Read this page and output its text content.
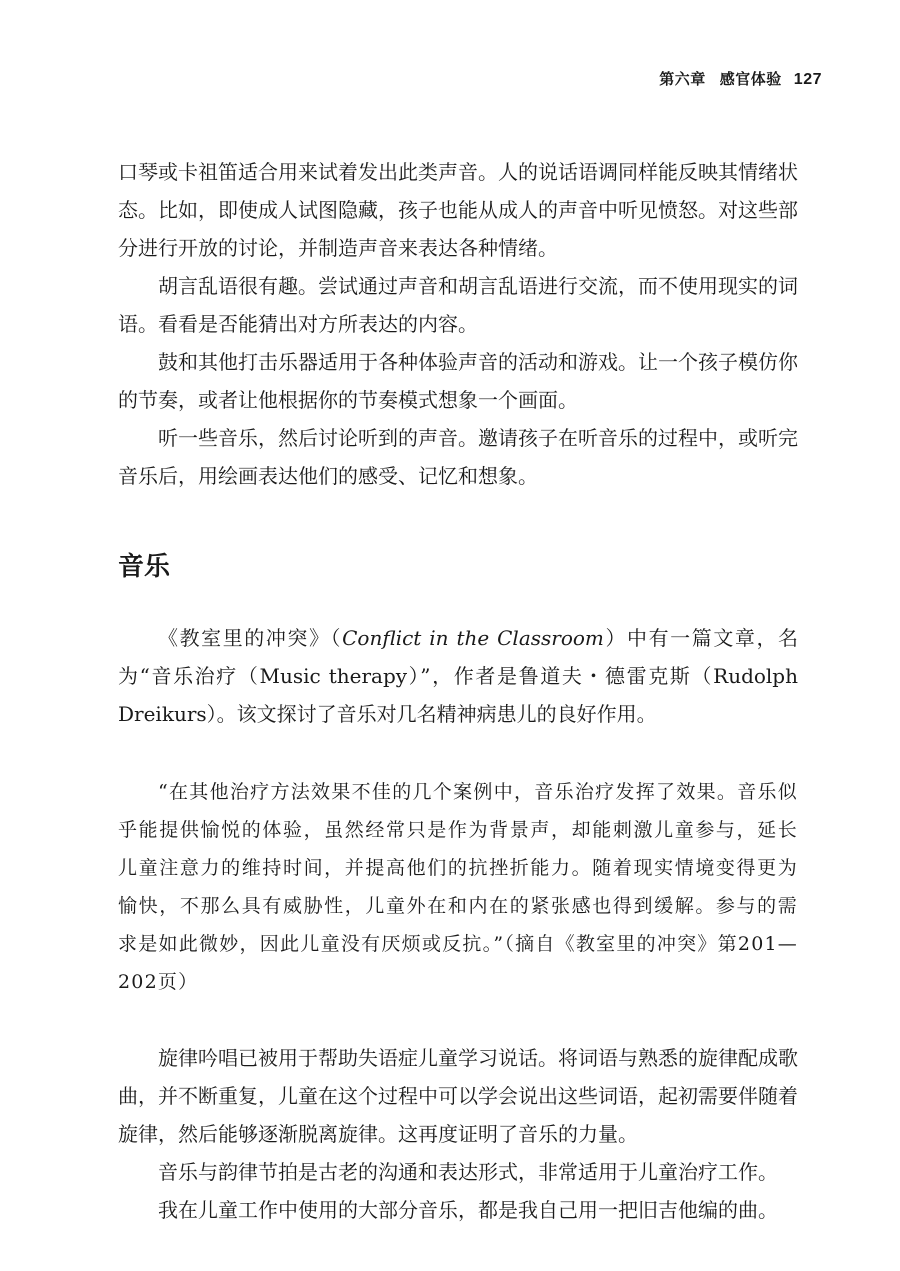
第六章 感官体验 127

口琴或卡祖笛适合用来试着发出此类声音。人的说话语调同样能反映其情绪状态。比如，即使成人试图隐藏，孩子也能从成人的声音中听见愤怒。对这些部分进行开放的讨论，并制造声音来表达各种情绪。

胡言乱语很有趣。尝试通过声音和胡言乱语进行交流，而不使用现实的词语。看看是否能猜出对方所表达的内容。

鼓和其他打击乐器适用于各种体验声音的活动和游戏。让一个孩子模仿你的节奏，或者让他根据你的节奏模式想象一个画面。

听一些音乐，然后讨论听到的声音。邀请孩子在听音乐的过程中，或听完音乐后，用绘画表达他们的感受、记忆和想象。

音乐

《教室里的冲突》（Conflict in the Classroom）中有一篇文章，名为“音乐治疗（Music therapy）”，作者是鲁道夫・德雷克斯（Rudolph Dreikurs）。该文探讨了音乐对几名精神病患儿的良好作用。

“在其他治疗方法效果不佳的几个案例中，音乐治疗发挥了效果。音乐似乎能提供愉悦的体验，虽然经常只是作为背景声，却能刺激儿童参与，延长儿童注意力的维持时间，并提高他们的抗挫折能力。随着现实情境变得更为愉快，不那么具有威胁性，儿童外在和内在的紧张感也得到缓解。参与的需求是如此微妙，因此儿童没有厌烦或反抗。”（摘自《教室里的冲突》第201—202页）

旋律吟唱已被用于帮助失语症儿童学习说话。将词语与熟悉的旋律配成歌曲，并不断重复，儿童在这个过程中可以学会说出这些词语，起初需要伴随着旋律，然后能够逐渐脱离旋律。这再度证明了音乐的力量。

音乐与韵律节拍是古老的沟通和表达形式，非常适用于儿童治疗工作。

我在儿童工作中使用的大部分音乐，都是我自己用一把旧吉他编的曲。
